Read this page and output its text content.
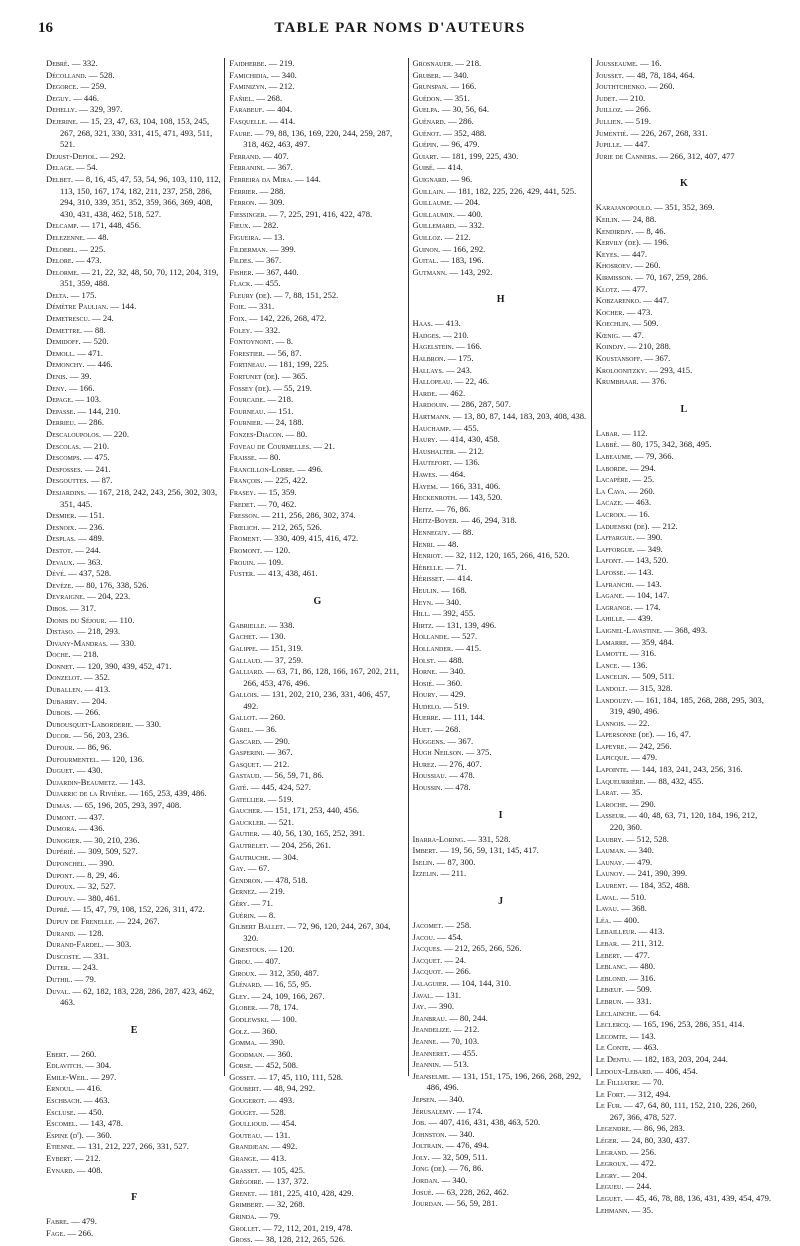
16	TABLE PAR NOMS D'AUTEURS
Debré. — 332.
Décolland. — 528.
Degorce. — 259.
Deguy. — 446.
Dehelly. — 329, 397.
Dejerine. — 15, 23, 47, 63, 104, 108, 153, 245, 267, 268, 321, 330, 331, 415, 471, 493, 511, 521.
Dejust-Defiol. — 292.
Delage. — 54.
Delbet. — 8, 16, 45, 47, 53, 54, 96, 103, 110, 112, 113, 150, 167, 174, 182, 211, 237, 258, 286, 294, 310, 339, 351, 352, 359, 366, 369, 408, 430, 431, 438, 462, 518, 527.
Delcamp. — 171, 448, 456.
Delezenne. — 48.
Delobel. — 225.
Delore. — 473.
Delorme. — 21, 22, 32, 48, 50, 70, 112, 204, 319, 351, 359, 488.
Delta. — 175.
Démètre Paulian. — 144.
Demetrescu. — 24.
Demettre. — 88.
Demidoff. — 520.
Demoll. — 471.
Demonchy. — 446.
Denis. — 39.
Deny. — 166.
Depage. — 103.
Depasse. — 144, 210.
Derrieu. — 286.
Descaloupolos. — 220.
Descolas. — 210.
Descomps. — 475.
Desfosses. — 241.
Desgouttes. — 87.
Desjardins. — 167, 218, 242, 243, 256, 302, 303, 351, 445.
Desmier. — 151.
Desnoix. — 236.
Desplas. — 489.
Destot. — 244.
Devaux. — 363.
Dévé. — 437, 528.
Devèze. — 80, 176, 338, 526.
Devraigne. — 204, 223.
Dibos. — 317.
Dionis du Séjour. — 110.
Distaso. — 218, 293.
Divany-Mandras. — 330.
Doche. — 218.
Donnet. — 120, 390, 439, 452, 471.
Donzelot. — 352.
Duballen. — 413.
Dubarry. — 204.
Dubois. — 266.
Dubousquet-Laborderie. — 330.
Ducor. — 56, 203, 236.
Dufour. — 86, 96.
Dufourmentel. — 120, 136.
Duguet. — 430.
Dujardin-Beaumetz. — 143.
Dujarric de la Rivière. — 165, 253, 439, 486.
Dumas. — 65, 196, 205, 293, 397, 408.
Dumont. — 437.
Dumora. — 436.
Dunogier. — 30, 210, 236.
Dupérié. — 309, 509, 527.
Duponchel. — 390.
Dupont. — 8, 29, 46.
Dupoux. — 32, 527.
Dupouy. — 380, 461.
Dupré. — 15, 47, 79, 108, 152, 226, 311, 472.
Dupuy de Frenelle. — 224, 267.
Durand. — 128.
Durand-Fardel. — 303.
Duscoste. — 331.
Duter. — 243.
Duthil. — 79.
Duval. — 62, 182, 183, 228, 286, 287, 423, 462, 463.
E
Ebert. — 260.
Edlavitch. — 304.
Emile-Weil. — 297.
Ernoul. — 416.
Eschbach. — 463.
Escluse. — 450.
Escomel. — 143, 478.
Espine (d'). — 360.
Etienne. — 131, 212, 227, 266, 331, 527.
Eybert. — 212.
Eynard. — 408.
F
Fabre. — 479.
Fage. — 266.
Faidherbe. — 219.
Famichidia. — 340.
Faminizyn. — 212.
Fañiel. — 268.
Farabeuf. — 404.
Fasquelle. — 414.
Faure. — 79, 88, 136, 169, 220, 244, 259, 287, 318, 462, 463, 497.
Ferrand. — 407.
Ferranini. — 367.
Ferreira da Mira. — 144.
Ferrier. — 288.
Ferron. — 309.
Fiessinger. — 7, 225, 291, 416, 422, 478.
Fieux. — 282.
Figueira. — 13.
Filderman. — 399.
Fildes. — 367.
Fisher. — 367, 440.
Flack. — 455.
Fleury (de). — 7, 88, 151, 252.
Foie. — 331.
Foix. — 142, 226, 268, 472.
Foley. — 332.
Fontoynont. — 8.
Forestier. — 56, 87.
Fortineau. — 181, 199, 225.
Fortunet (de). — 365.
Fossey (de). — 55, 219.
Fourcade. — 218.
Fourneau. — 151.
Fournier. — 24, 188.
Fonzes-Diacon. — 80.
Foveau de Courmelles. — 21.
Fraisse. — 80.
Francillon-Lobre. — 496.
François. — 225, 422.
Frasey. — 15, 359.
Fredet. — 70, 462.
Fresson. — 211, 256, 286, 302, 374.
Frœlich. — 212, 265, 526.
Froment. — 330, 409, 415, 416, 472.
Fromont. — 120.
Frouin. — 109.
Fuster. — 413, 438, 461.
G
Gabrielle. — 338.
Gachet. — 130.
Galippe. — 151, 319.
Gallaud. — 37, 259.
Galliard. — 63, 71, 86, 128, 166, 167, 202, 211, 266, 453, 476, 496.
Gallois. — 131, 202, 210, 236, 331, 406, 457, 492.
Gallot. — 260.
Garel. — 36.
Gascard. — 290.
Gasperini. — 367.
Gasquet. — 212.
Gastaud. — 56, 59, 71, 86.
Gaté. — 445, 424, 527.
Gatellier. — 519.
Gaucher. — 151, 171, 253, 440, 456.
Gauckler. — 521.
Gautier. — 40, 56, 130, 165, 252, 391.
Gautrelet. — 204, 256, 261.
Gautruche. — 304.
Gay. — 67.
Gendron. — 478, 518.
Gernez. — 219.
Géry. — 71.
Guérin. — 8.
Gilbert Ballet. — 72, 96, 120, 244, 267, 304, 320.
Ginestous. — 120.
Girou. — 407.
Giroux. — 312, 350, 487.
Glénard. — 16, 55, 95.
Gley. — 24, 109, 166, 267.
Glober. — 78, 174.
Godlewski. — 100.
Golz. — 360.
Gomma. — 390.
Goodman. — 360.
Gorse. — 452, 508.
Gosset. — 17, 45, 110, 111, 528.
Goubert. — 48, 94, 292.
Gougerot. — 493.
Gouget. — 528.
Goullioud. — 454.
Gouteau. — 131.
Grandjean. — 492.
Grange. — 413.
Grasset. — 105, 425.
Grégoire. — 137, 372.
Grenet. — 181, 225, 410, 428, 429.
Grimbert. — 32, 268.
Grinda. — 79.
Grollet. — 72, 112, 201, 219, 478.
Gross. — 38, 128, 212, 265, 526.
Grosnauer. — 218.
Gruber. — 340.
Grunspan. — 166.
Guédon. — 351.
Guelpa. — 30, 56, 64.
Guénard. — 286.
Guénot. — 352, 488.
Guépin. — 96, 479.
Guiart. — 181, 199, 225, 430.
Guibé. — 414.
Guignard. — 96.
Guillain. — 181, 182, 225, 226, 429, 441, 525.
Guillaume. — 204.
Guillaumin. — 400.
Guillemard. — 332.
Guilloz. — 212.
Guinon. — 166, 292.
Guital. — 183, 196.
Gutmann. — 143, 292.
H
Haas. — 413.
Hadges. — 210.
Hagelstein. — 166.
Halbron. — 175.
Hallays. — 243.
Hallopeau. — 22, 46.
Harde. — 462.
Hardouin. — 286, 287, 507.
Hartmann. — 13, 80, 87, 144, 183, 203, 408, 438.
Hauchamp. — 455.
Haury. — 414, 430, 458.
Haushalter. — 212.
Hautefort. — 136.
Hawes. — 464.
Hayem. — 166, 331, 406.
Heckenroth. — 143, 520.
Heitz. — 76, 86.
Heitz-Boyer. — 46, 294, 318.
Henneguy. — 88.
Henri. — 48.
Henriot. — 32, 112, 120, 165, 266, 416, 520.
Hébelle. — 71.
Hérisset. — 414.
Heulin. — 168.
Heyn. — 340.
Hill. — 392, 455.
Hirtz. — 131, 139, 496.
Hollande. — 527.
Hollander. — 415.
Holst. — 488.
Horne. — 340.
Hosié. — 360.
Houry. — 429.
Hudelo. — 519.
Huerre. — 111, 144.
Huet. — 268.
Huggens. — 367.
Hugh Neilson. — 375.
Hurez. — 276, 407.
Houssiau. — 478.
Houssin. — 478.
I
Ibarra-Loring. — 331, 528.
Imbert. — 19, 56, 59, 131, 145, 417.
Iselin. — 87, 300.
Izzelin. — 211.
J
Jacomet. — 258.
Jacou. — 454.
Jacques. — 212, 265, 266, 526.
Jacquet. — 24.
Jacquot. — 266.
Jalaguier. — 104, 144, 310.
Javal. — 131.
Jay. — 390.
Jeanbrau. — 80, 244.
Jeandelize. — 212.
Jeanne. — 70, 103.
Jeanneret. — 455.
Jeannin. — 513.
Jeanselme. — 131, 151, 175, 196, 266, 268, 292, 486, 496.
Jepsen. — 340.
Jérusalemy. — 174.
Job. — 407, 416, 431, 438, 463, 520.
Johnston. — 340.
Joltrain. — 476, 494.
Joly. — 32, 509, 511.
Jong (de). — 76, 86.
Jordan. — 340.
Josué. — 63, 228, 262, 462.
Jourdan. — 56, 59, 281.
Jousseaume. — 16.
Jousset. — 48, 78, 184, 464.
Jouthtchenko. — 260.
Judet. — 210.
Juilloz. — 266.
Jullien. — 519.
Jumentié. — 226, 267, 268, 331.
Jupille. — 447.
Jurie de Canners. — 266, 312, 407, 477
K
Karajanopoulo. — 351, 352, 369.
Keilin. — 24, 88.
Kendirdjy. — 8, 46.
Kervily (de). — 196.
Keyes. — 447.
Khosroev. — 260.
Kirmisson. — 70, 167, 259, 286.
Klotz. — 477.
Kobzarenko. — 447.
Kocher. — 473.
Koechlin. — 509.
Kœnig. — 47.
Koindjy. — 210, 288.
Koustansoff. — 367.
Kroloonitzky. — 293, 415.
Krumbhaar. — 376.
L
Labar. — 112.
Labbé. — 80, 175, 342, 368, 495.
Labeaume. — 79, 366.
Laborde. — 294.
Lacapère. — 25.
La Cava. — 260.
Lacaze. — 463.
Lacroix. — 16.
Ladijenski (de). — 212.
Laffargue. — 390.
Lafforgue. — 349.
Lafont. — 143, 520.
Lafosse. — 143.
Lafranchi. — 143.
Lagane. — 104, 147.
Lagrange. — 174.
Lahille. — 439.
Laignel-Lavastine. — 368, 493.
Lamarre. — 359, 484.
Lamotte. — 316.
Lance. — 136.
Lancelin. — 509, 511.
Landolt. — 315, 328.
Landouzy. — 161, 184, 185, 268, 288, 295, 303, 319, 490, 496.
Lannois. — 22.
Lapersonne (de). — 16, 47.
Lapeyre. — 242, 256.
Lapicque. — 479.
Lapointe. — 144, 183, 241, 243, 256, 316.
Laqueurrière. — 88, 432, 455.
Larat. — 35.
Laroche. — 290.
Lasseur. — 40, 48, 63, 71, 120, 184, 196, 212, 220, 360.
Laubry. — 512, 528.
Lauman. — 340.
Launay. — 479.
Launoy. — 241, 390, 399.
Laurent. — 184, 352, 488.
Laval. — 510.
Lavau. — 368.
Léa. — 400.
Lebailleur. — 413.
Lebar. — 211, 312.
Lebert. — 477.
Leblanc. — 480.
Leblond. — 316.
Lebœuf. — 509.
Lebrun. — 331.
Leclainche. — 64.
Leclercq. — 165, 196, 253, 286, 351, 414.
Lecomte. — 143.
Le Conte. — 463.
Le Dentu. — 182, 183, 203, 204, 244.
Ledoux-Lebard. — 406, 454.
Le Filliatre. — 70.
Le Fort. — 312, 494.
Le Fur. — 47, 64, 80, 111, 152, 210, 226, 260, 267, 366, 478, 527.
Legendre. — 86, 96, 283.
Léger. — 24, 80, 330, 437.
Legrand. — 256.
Legroux. — 472.
Legry. — 204.
Legueu. — 244.
Leguet. — 45, 46, 78, 88, 136, 431, 439, 454, 479.
Lehmann. — 35.
